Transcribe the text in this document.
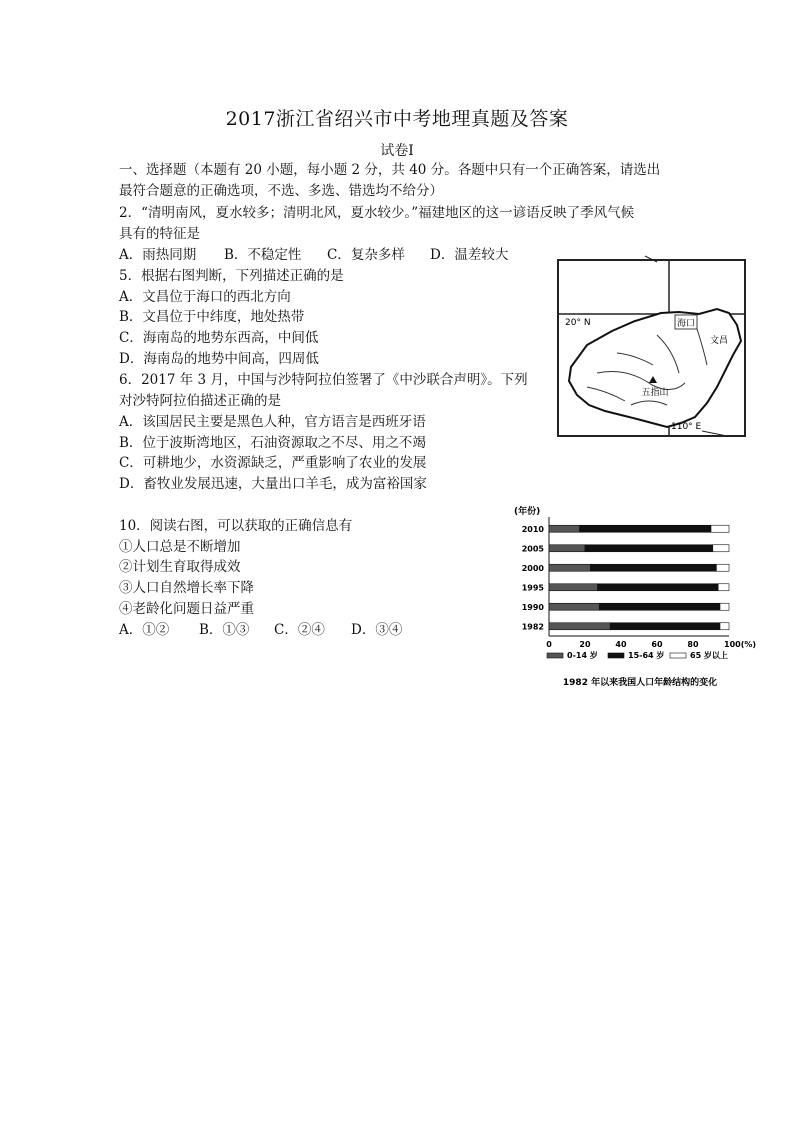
2017浙江省绍兴市中考地理真题及答案
试卷Ⅰ
一、选择题（本题有 20 小题，每小题 2 分，共 40 分。各题中只有一个正确答案，请选出
最符合题意的正确选项，不选、多选、错选均不给分）
2．“清明南风，夏水较多；清明北风，夏水较少。”福建地区的这一谚语反映了季风气候
具有的特征是
A．雨热同期 B．不稳定性 C．复杂多样 D．温差较大
5．根据右图判断，下列描述正确的是
A．文昌位于海口的西北方向
B．文昌位于中纬度，地处热带
C．海南岛的地势东西高，中间低
D．海南岛的地势中间高，四周低
6．2017 年 3 月，中国与沙特阿拉伯签署了《中沙联合声明》。下列
对沙特阿拉伯描述正确的是
A．该国居民主要是黑色人种，官方语言是西班牙语
B．位于波斯湾地区，石油资源取之不尽、用之不竭
C．可耕地少，水资源缺乏，严重影响了农业的发展
D．畜牧业发展迅速，大量出口羊毛，成为富裕国家
10．阅读右图，可以获取的正确信息有
①人口总是不断增加
②计划生育取得成效
③人口自然增长率下降
④老龄化问题日益严重
A．①② B．①③ C．②④ D．③④
海口
文昌
五指山
20° N
110° E
(年份)
2010
2005
2000
1995
1990
1982
0	20	40	60	80	100(%)
0-14 岁	15-64 岁	65 岁以上
1982 年以来我国人口年龄结构的变化
